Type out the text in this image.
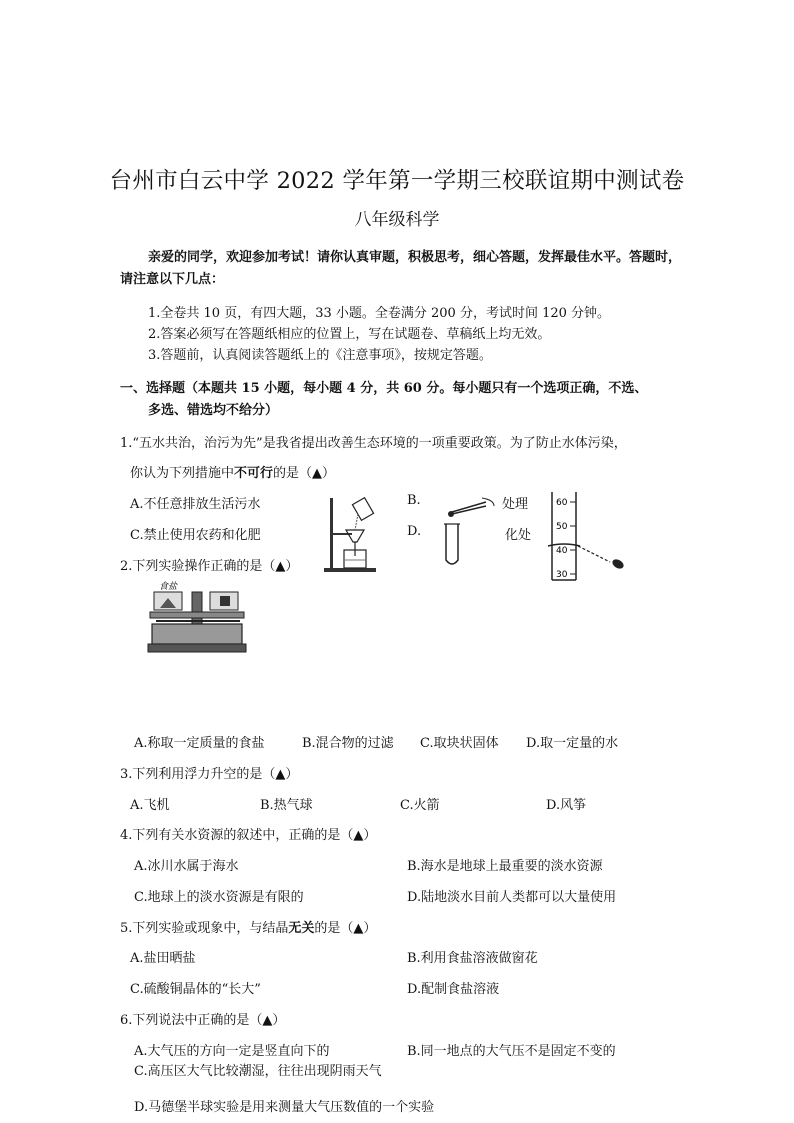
台州市白云中学 2022 学年第一学期三校联谊期中测试卷
八年级科学
亲爱的同学，欢迎参加考试！请你认真审题，积极思考，细心答题，发挥最佳水平。答题时，
请注意以下几点：
1.全卷共 10 页，有四大题，33 小题。全卷满分 200 分，考试时间 120 分钟。
2.答案必须写在答题纸相应的位置上，写在试题卷、草稿纸上均无效。
3.答题前，认真阅读答题纸上的《注意事项》，按规定答题。
一、选择题（本题共 15 小题，每小题 4 分，共 60 分。每小题只有一个选项正确，不选、
多选、错选均不给分）
1.“五水共治，治污为先”是我省提出改善生态环境的一项重要政策。为了防止水体污染，
你认为下列措施中不可行的是（▲）
A.不任意排放生活污水	B.	处理
C.禁止使用农药和化肥	D.	化处
2.下列实验操作正确的是（▲）
食盐
60
50
40
30
A.称取一定质量的食盐	B.混合物的过滤 C.取块状固体 D.取一定量的水
3.下列利用浮力升空的是（▲）
A.飞机	B.热气球	C.火箭	D.风筝
4.下列有关水资源的叙述中，正确的是（▲）
A.冰川水属于海水	B.海水是地球上最重要的淡水资源
C.地球上的淡水资源是有限的	D.陆地淡水目前人类都可以大量使用
5.下列实验或现象中，与结晶无关的是（▲）
A.盐田晒盐	B.利用食盐溶液做窗花
C.硫酸铜晶体的“长大”	D.配制食盐溶液
6.下列说法中正确的是（▲）
A.大气压的方向一定是竖直向下的	B.同一地点的大气压不是固定不变的
C.高压区大气比较潮湿，往往出现阴雨天气
D.马德堡半球实验是用来测量大气压数值的一个实验
